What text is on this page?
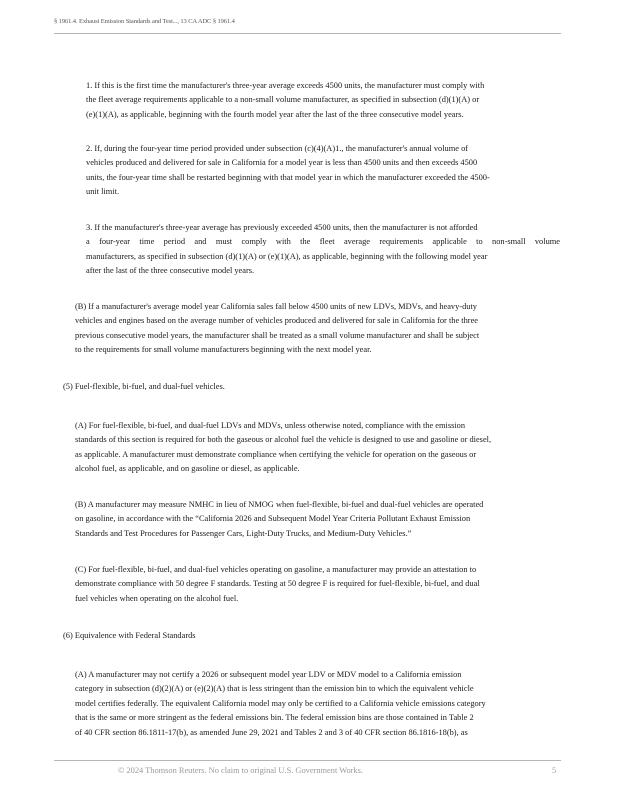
§ 1961.4. Exhaust Emission Standards and Test..., 13 CA ADC § 1961.4
1. If this is the first time the manufacturer's three-year average exceeds 4500 units, the manufacturer must comply with
the fleet average requirements applicable to a non-small volume manufacturer, as specified in subsection (d)(1)(A) or
(e)(1)(A), as applicable, beginning with the fourth model year after the last of the three consecutive model years.
2. If, during the four-year time period provided under subsection (c)(4)(A)1., the manufacturer's annual volume of
vehicles produced and delivered for sale in California for a model year is less than 4500 units and then exceeds 4500
units, the four-year time shall be restarted beginning with that model year in which the manufacturer exceeded the 4500-
unit limit.
3. If the manufacturer's three-year average has previously exceeded 4500 units, then the manufacturer is not afforded
a four-year time period and must comply with the fleet average requirements applicable to non-small volume
manufacturers, as specified in subsection (d)(1)(A) or (e)(1)(A), as applicable, beginning with the following model year
after the last of the three consecutive model years.
(B) If a manufacturer's average model year California sales fall below 4500 units of new LDVs, MDVs, and heavy-duty
vehicles and engines based on the average number of vehicles produced and delivered for sale in California for the three
previous consecutive model years, the manufacturer shall be treated as a small volume manufacturer and shall be subject
to the requirements for small volume manufacturers beginning with the next model year.
(5) Fuel-flexible, bi-fuel, and dual-fuel vehicles.
(A) For fuel-flexible, bi-fuel, and dual-fuel LDVs and MDVs, unless otherwise noted, compliance with the emission
standards of this section is required for both the gaseous or alcohol fuel the vehicle is designed to use and gasoline or diesel,
as applicable. A manufacturer must demonstrate compliance when certifying the vehicle for operation on the gaseous or
alcohol fuel, as applicable, and on gasoline or diesel, as applicable.
(B) A manufacturer may measure NMHC in lieu of NMOG when fuel-flexible, bi-fuel and dual-fuel vehicles are operated
on gasoline, in accordance with the “California 2026 and Subsequent Model Year Criteria Pollutant Exhaust Emission
Standards and Test Procedures for Passenger Cars, Light-Duty Trucks, and Medium-Duty Vehicles.”
(C) For fuel-flexible, bi-fuel, and dual-fuel vehicles operating on gasoline, a manufacturer may provide an attestation to
demonstrate compliance with 50 degree F standards. Testing at 50 degree F is required for fuel-flexible, bi-fuel, and dual
fuel vehicles when operating on the alcohol fuel.
(6) Equivalence with Federal Standards
(A) A manufacturer may not certify a 2026 or subsequent model year LDV or MDV model to a California emission
category in subsection (d)(2)(A) or (e)(2)(A) that is less stringent than the emission bin to which the equivalent vehicle
model certifies federally. The equivalent California model may only be certified to a California vehicle emissions category
that is the same or more stringent as the federal emissions bin. The federal emission bins are those contained in Table 2
of 40 CFR section 86.1811-17(b), as amended June 29, 2021 and Tables 2 and 3 of 40 CFR section 86.1816-18(b), as
© 2024 Thomson Reuters. No claim to original U.S. Government Works.	5
